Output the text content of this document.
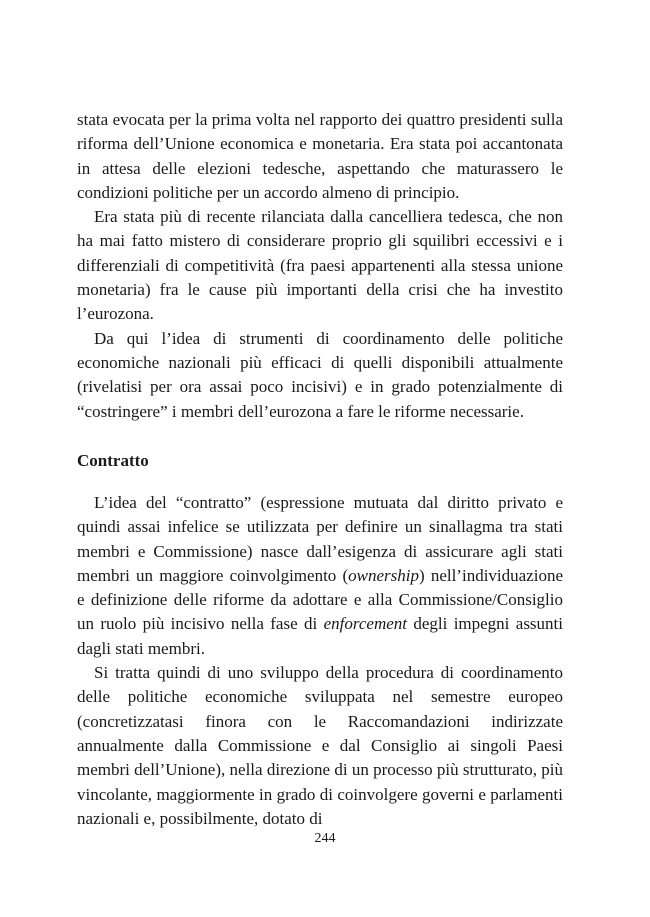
stata evocata per la prima volta nel rapporto dei quattro presidenti sulla riforma dell’Unione economica e monetaria. Era stata poi accantonata in attesa delle elezioni tedesche, aspettando che maturassero le condizioni politiche per un accordo almeno di principio.

Era stata più di recente rilanciata dalla cancelliera tedesca, che non ha mai fatto mistero di considerare proprio gli squilibri eccessivi e i differenziali di competitività (fra paesi appartenenti alla stessa unione monetaria) fra le cause più importanti della crisi che ha investito l’eurozona.

Da qui l’idea di strumenti di coordinamento delle politiche economiche nazionali più efficaci di quelli disponibili attualmente (rivelatisi per ora assai poco incisivi) e in grado potenzialmente di “costringere” i membri dell’eurozona a fare le riforme necessarie.

Contratto

L’idea del “contratto” (espressione mutuata dal diritto privato e quindi assai infelice se utilizzata per definire un sinallagma tra stati membri e Commissione) nasce dall’esigenza di assicurare agli stati membri un maggiore coinvolgimento (ownership) nell’individuazione e definizione delle riforme da adottare e alla Commissione/Consiglio un ruolo più incisivo nella fase di enforcement degli impegni assunti dagli stati membri.

Si tratta quindi di uno sviluppo della procedura di coordinamento delle politiche economiche sviluppata nel semestre europeo (concretizzatasi finora con le Raccomandazioni indirizzate annualmente dalla Commissione e dal Consiglio ai singoli Paesi membri dell’Unione), nella direzione di un processo più strutturato, più vincolante, maggiormente in grado di coinvolgere governi e parlamenti nazionali e, possibilmente, dotato di

244
